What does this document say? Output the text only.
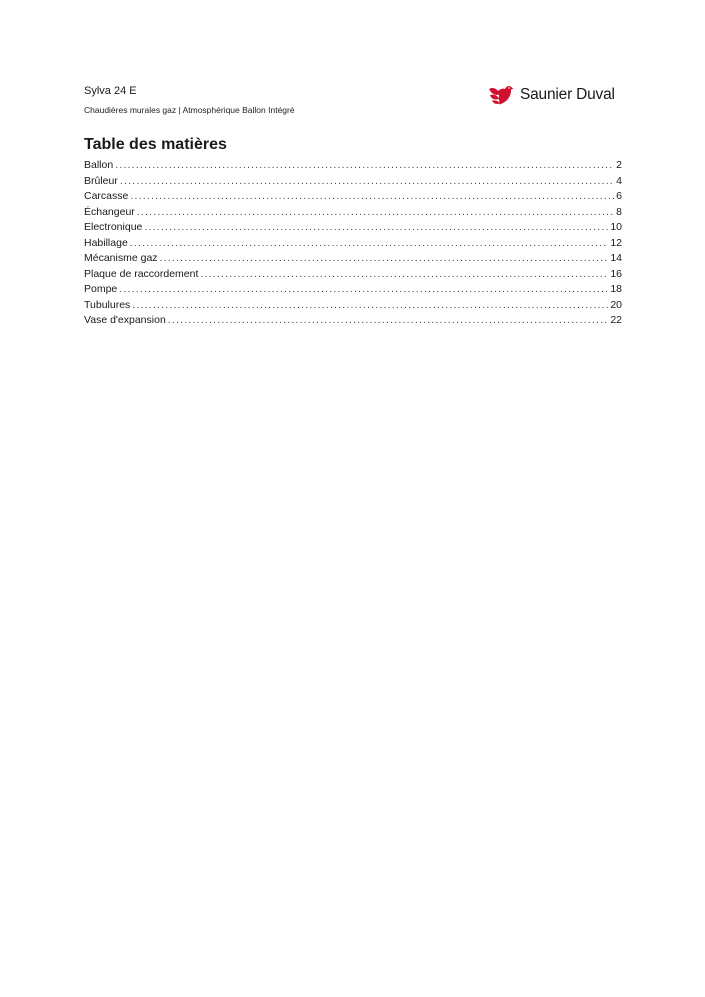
Sylva 24 E
Chaudières murales gaz | Atmosphérique Ballon Intégré
Saunier Duval
Table des matières
Ballon .....	2
Brûleur .....	4
Carcasse .....	6
Échangeur .....	8
Electronique .....	10
Habillage .....	12
Mécanisme gaz .....	14
Plaque de raccordement .....	16
Pompe .....	18
Tubulures .....	20
Vase d'expansion .....	22
